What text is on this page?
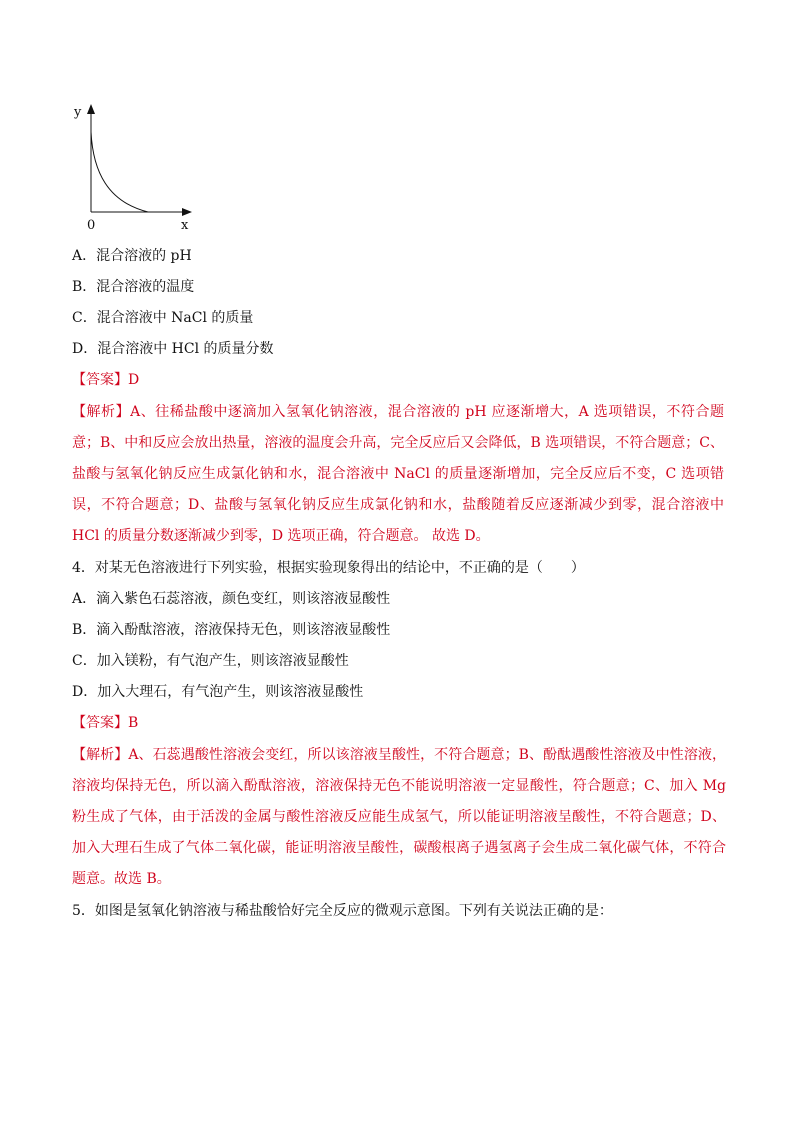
y
0	x
A．混合溶液的 pH
B．混合溶液的温度
C．混合溶液中 NaCl 的质量
D．混合溶液中 HCl 的质量分数
【答案】D
【解析】A、往稀盐酸中逐滴加入氢氧化钠溶液，混合溶液的 pH 应逐渐增大，A 选项错误，不符合题意；B、中和反应会放出热量，溶液的温度会升高，完全反应后又会降低，B 选项错误，不符合题意；C、盐酸与氢氧化钠反应生成氯化钠和水，混合溶液中 NaCl 的质量逐渐增加，完全反应后不变，C 选项错误，不符合题意；D、盐酸与氢氧化钠反应生成氯化钠和水，盐酸随着反应逐渐减少到零，混合溶液中 HCl 的质量分数逐渐减少到零，D 选项正确，符合题意。 故选 D。
4．对某无色溶液进行下列实验，根据实验现象得出的结论中，不正确的是（　　）
A．滴入紫色石蕊溶液，颜色变红，则该溶液显酸性
B．滴入酚酞溶液，溶液保持无色，则该溶液显酸性
C．加入镁粉，有气泡产生，则该溶液显酸性
D．加入大理石，有气泡产生，则该溶液显酸性
【答案】B
【解析】A、石蕊遇酸性溶液会变红，所以该溶液呈酸性，不符合题意；B、酚酞遇酸性溶液及中性溶液，溶液均保持无色，所以滴入酚酞溶液，溶液保持无色不能说明溶液一定显酸性，符合题意；C、加入 Mg 粉生成了气体，由于活泼的金属与酸性溶液反应能生成氢气，所以能证明溶液呈酸性，不符合题意；D、加入大理石生成了气体二氧化碳，能证明溶液呈酸性，碳酸根离子遇氢离子会生成二氧化碳气体，不符合题意。故选 B。
5．如图是氢氧化钠溶液与稀盐酸恰好完全反应的微观示意图。下列有关说法正确的是：
